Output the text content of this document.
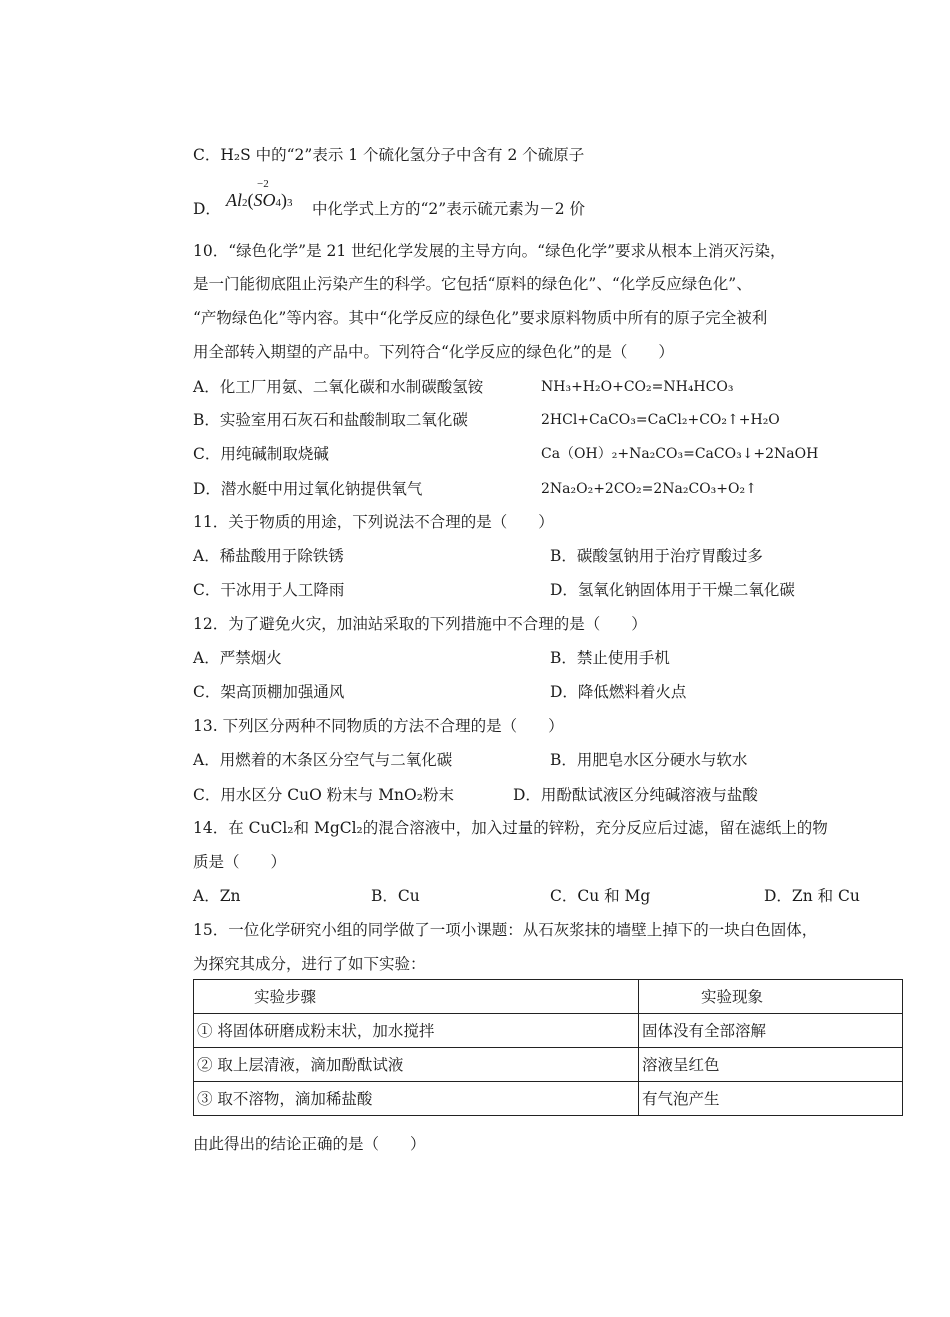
C．H₂S 中的“2”表示 1 个硫化氢分子中含有 2 个硫原子
D． Al2(SO4)3
−2
中化学式上方的“2”表示硫元素为－2 价
10．“绿色化学”是 21 世纪化学发展的主导方向。“绿色化学”要求从根本上消灭污染，
是一门能彻底阻止污染产生的科学。它包括“原料的绿色化”、“化学反应绿色化”、
“产物绿色化”等内容。其中“化学反应的绿色化”要求原料物质中所有的原子完全被利
用全部转入期望的产品中。下列符合“化学反应的绿色化”的是（　　）
A．化工厂用氨、二氧化碳和水制碳酸氢铵	NH₃+H₂O+CO₂=NH₄HCO₃
B．实验室用石灰石和盐酸制取二氧化碳	2HCl+CaCO₃=CaCl₂+CO₂↑+H₂O
C．用纯碱制取烧碱	Ca（OH）₂+Na₂CO₃=CaCO₃↓+2NaOH
D．潜水艇中用过氧化钠提供氧气	2Na₂O₂+2CO₂=2Na₂CO₃+O₂↑
11．关于物质的用途，下列说法不合理的是（　　）
A．稀盐酸用于除铁锈	B．碳酸氢钠用于治疗胃酸过多
C．干冰用于人工降雨	D．氢氧化钠固体用于干燥二氧化碳
12．为了避免火灾，加油站采取的下列措施中不合理的是（　　）
A．严禁烟火	B．禁止使用手机
C．架高顶棚加强通风	D．降低燃料着火点
13. 下列区分两种不同物质的方法不合理的是（　　）
A．用燃着的木条区分空气与二氧化碳	B．用肥皂水区分硬水与软水
C．用水区分 CuO 粉末与 MnO₂粉末	D．用酚酞试液区分纯碱溶液与盐酸
14．在 CuCl₂和 MgCl₂的混合溶液中，加入过量的锌粉，充分反应后过滤，留在滤纸上的物
质是（　　）
A．Zn	B．Cu	C．Cu 和 Mg	D．Zn 和 Cu
15．一位化学研究小组的同学做了一项小课题：从石灰浆抹的墙壁上掉下的一块白色固体，
为探究其成分，进行了如下实验：
实验步骤	实验现象
① 将固体研磨成粉末状，加水搅拌	固体没有全部溶解
② 取上层清液，滴加酚酞试液	溶液呈红色
③ 取不溶物，滴加稀盐酸	有气泡产生
由此得出的结论正确的是（　　）
